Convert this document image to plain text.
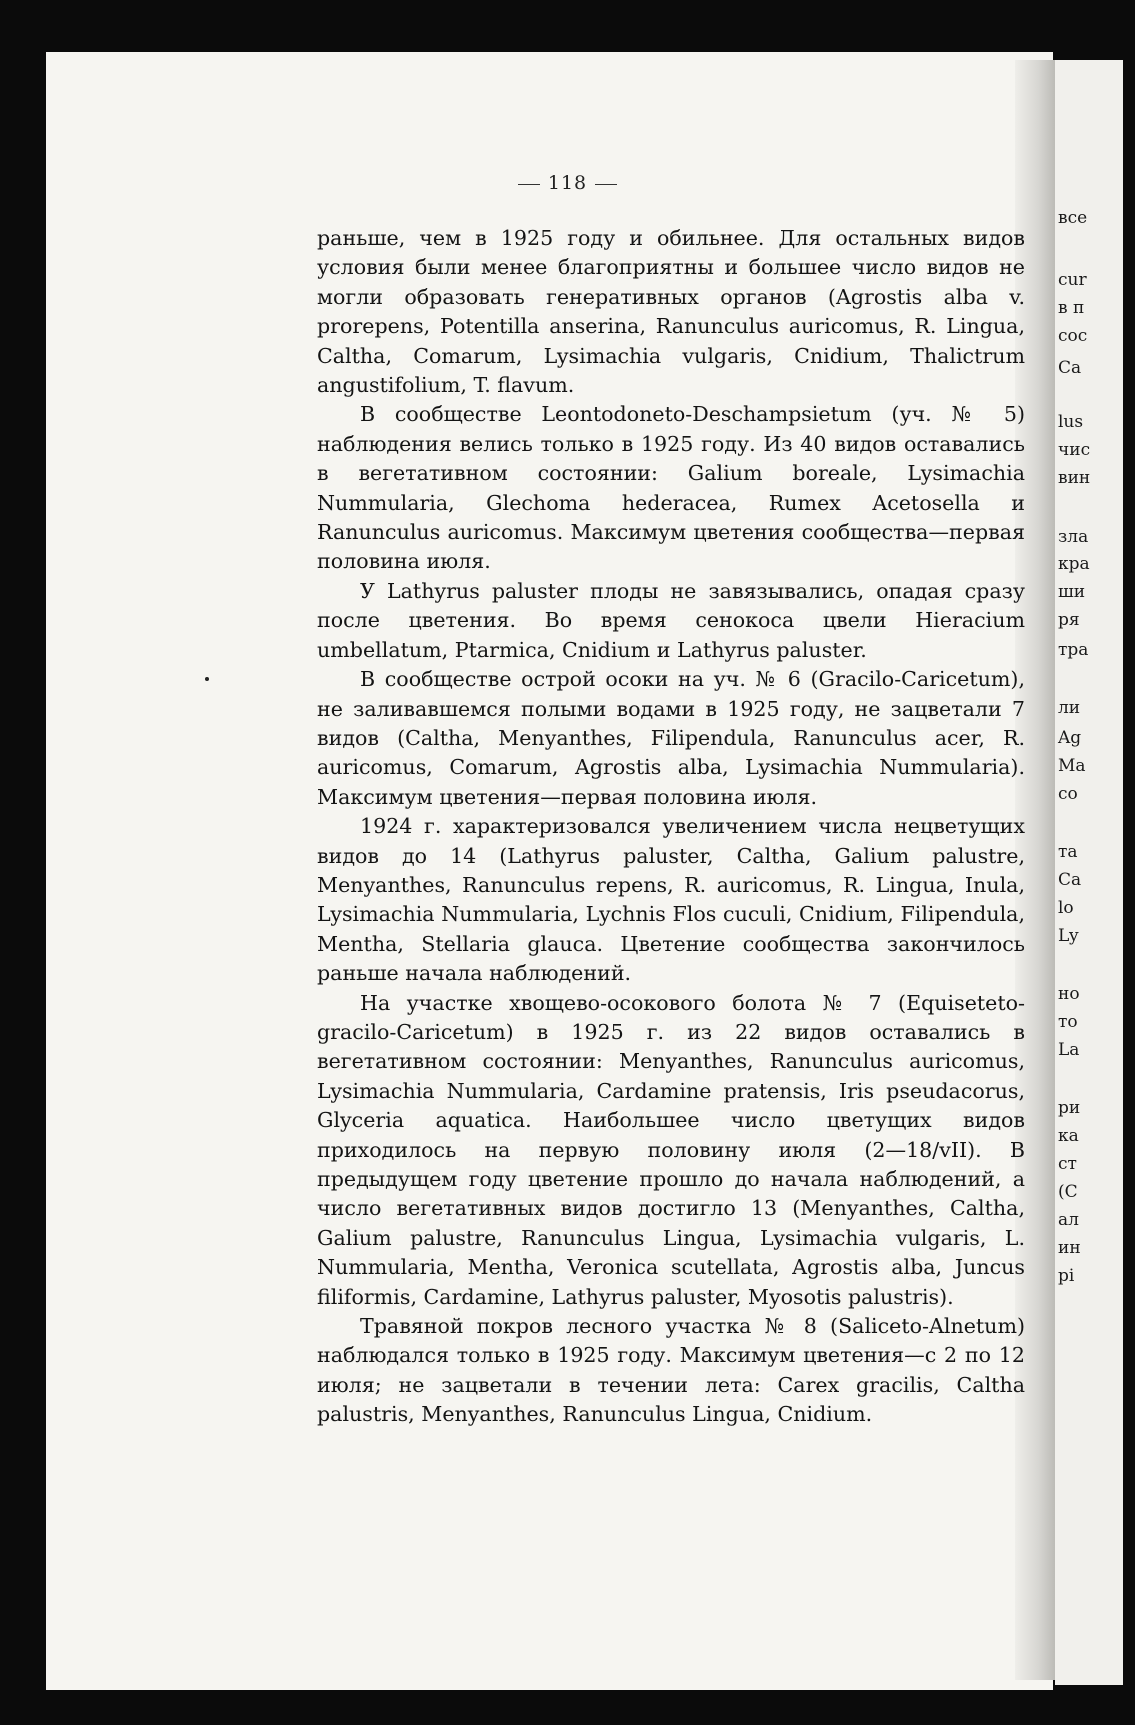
все
cur
в п
сос
Са
lus
чис
вин
зла
кра
ши
ря
тра
ли
Ag
Ма
со
та
Ca
lo
Ly
но
то
La
ри
ка
ст
(С
ал
ин
pi
118

раньше, чем в 1925 году и обильнее. Для остальных видов условия были менее благоприятны и большее число видов не могли образовать генеративных органов (Agrostis alba v. prorepens, Potentilla anserina, Ranunculus auricomus, R. Lingua, Caltha, Comarum, Lysimachia vulgaris, Cnidium, Thalictrum angustifolium, T. flavum.

В сообществе Leontodoneto-Deschampsietum (уч. № 5) наблюдения велись только в 1925 году. Из 40 видов оставались в вегетативном состоянии: Galium boreale, Lysimachia Nummularia, Glechoma hederacea, Rumex Acetosella и Ranunculus auricomus. Максимум цветения сообщества—первая половина июля.

У Lathyrus paluster плоды не завязывались, опадая сразу после цветения. Во время сенокоса цвели Hieracium umbellatum, Ptarmica, Cnidium и Lathyrus paluster.

В сообществе острой осоки на уч. № 6 (Gracilo-Caricetum), не заливавшемся полыми водами в 1925 году, не зацветали 7 видов (Caltha, Menyanthes, Filipendula, Ranunculus acer, R. auricomus, Comarum, Agrostis alba, Lysimachia Nummularia). Максимум цветения—первая половина июля.

1924 г. характеризовался увеличением числа нецветущих видов до 14 (Lathyrus paluster, Caltha, Galium palustre, Menyanthes, Ranunculus repens, R. auricomus, R. Lingua, Inula, Lysimachia Nummularia, Lychnis Flos cuculi, Cnidium, Filipendula, Mentha, Stellaria glauca. Цветение сообщества закончилось раньше начала наблюдений.

На участке хвощево-осокового болота № 7 (Equiseteto-gracilo-Caricetum) в 1925 г. из 22 видов оставались в вегетативном состоянии: Menyanthes, Ranunculus auricomus, Lysimachia Nummularia, Cardamine pratensis, Iris pseudacorus, Glyceria aquatica. Наибольшее число цветущих видов приходилось на первую половину июля (2—18/vII). В предыдущем году цветение прошло до начала наблюдений, а число вегетативных видов достигло 13 (Menyanthes, Caltha, Galium palustre, Ranunculus Lingua, Lysimachia vulgaris, L. Nummularia, Mentha, Veronica scutellata, Agrostis alba, Juncus filiformis, Cardamine, Lathyrus paluster, Myosotis palustris).

Травяной покров лесного участка № 8 (Saliceto-Alnetum) наблюдался только в 1925 году. Максимум цветения—с 2 по 12 июля; не зацветали в течении лета: Carex gracilis, Caltha palustris, Menyanthes, Ranunculus Lingua, Cnidium.
